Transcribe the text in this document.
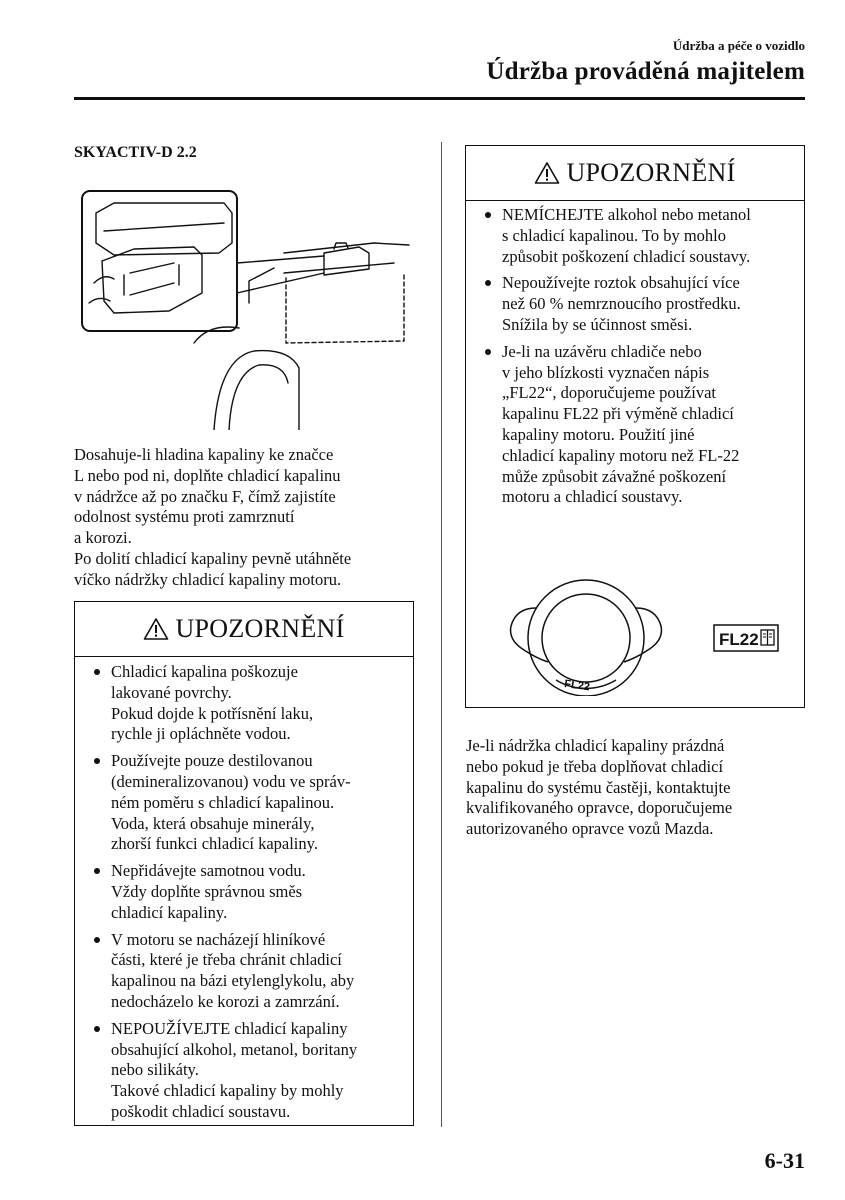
Údržba a péče o vozidlo
Údržba prováděná majitelem
SKYACTIV-D 2.2

Dosahuje-li hladina kapaliny ke značce
L nebo pod ni, doplňte chladicí kapalinu
v nádržce až po značku F, čímž zajistíte
odolnost systému proti zamrznutí
a korozi.

Po dolití chladicí kapaliny pevně utáhněte
víčko nádržky chladicí kapaliny motoru.

UPOZORNĚNÍ
Chladicí kapalina poškozuje
lakované povrchy.
Pokud dojde k potřísnění laku,
rychle ji opláchněte vodou.
Používejte pouze destilovanou
(demineralizovanou) vodu ve správ-
ném poměru s chladicí kapalinou.
Voda, která obsahuje minerály,
zhorší funkci chladicí kapaliny.
Nepřidávejte samotnou vodu.
Vždy doplňte správnou směs
chladicí kapaliny.
V motoru se nacházejí hliníkové
části, které je třeba chránit chladicí
kapalinou na bázi etylenglykolu, aby
nedocházelo ke korozi a zamrzání.
NEPOUŽÍVEJTE chladicí kapaliny
obsahující alkohol, metanol, boritany
nebo silikáty.
Takové chladicí kapaliny by mohly
poškodit chladicí soustavu.
UPOZORNĚNÍ
NEMÍCHEJTE alkohol nebo metanol
s chladicí kapalinou. To by mohlo
způsobit poškození chladicí soustavy.
Nepoužívejte roztok obsahující více
než 60 % nemrznoucího prostředku.
Snížila by se účinnost směsi.
Je-li na uzávěru chladiče nebo
v jeho blízkosti vyznačen nápis
„FL22“, doporučujeme používat
kapalinu FL22 při výměně chladicí
kapaliny motoru. Použití jiné
chladicí kapaliny motoru než FL-22
může způsobit závažné poškození
motoru a chladicí soustavy.
FL22
FL22
Je-li nádržka chladicí kapaliny prázdná
nebo pokud je třeba doplňovat chladicí
kapalinu do systému častěji, kontaktujte
kvalifikovaného opravce, doporučujeme
autorizovaného opravce vozů Mazda.
6-31
